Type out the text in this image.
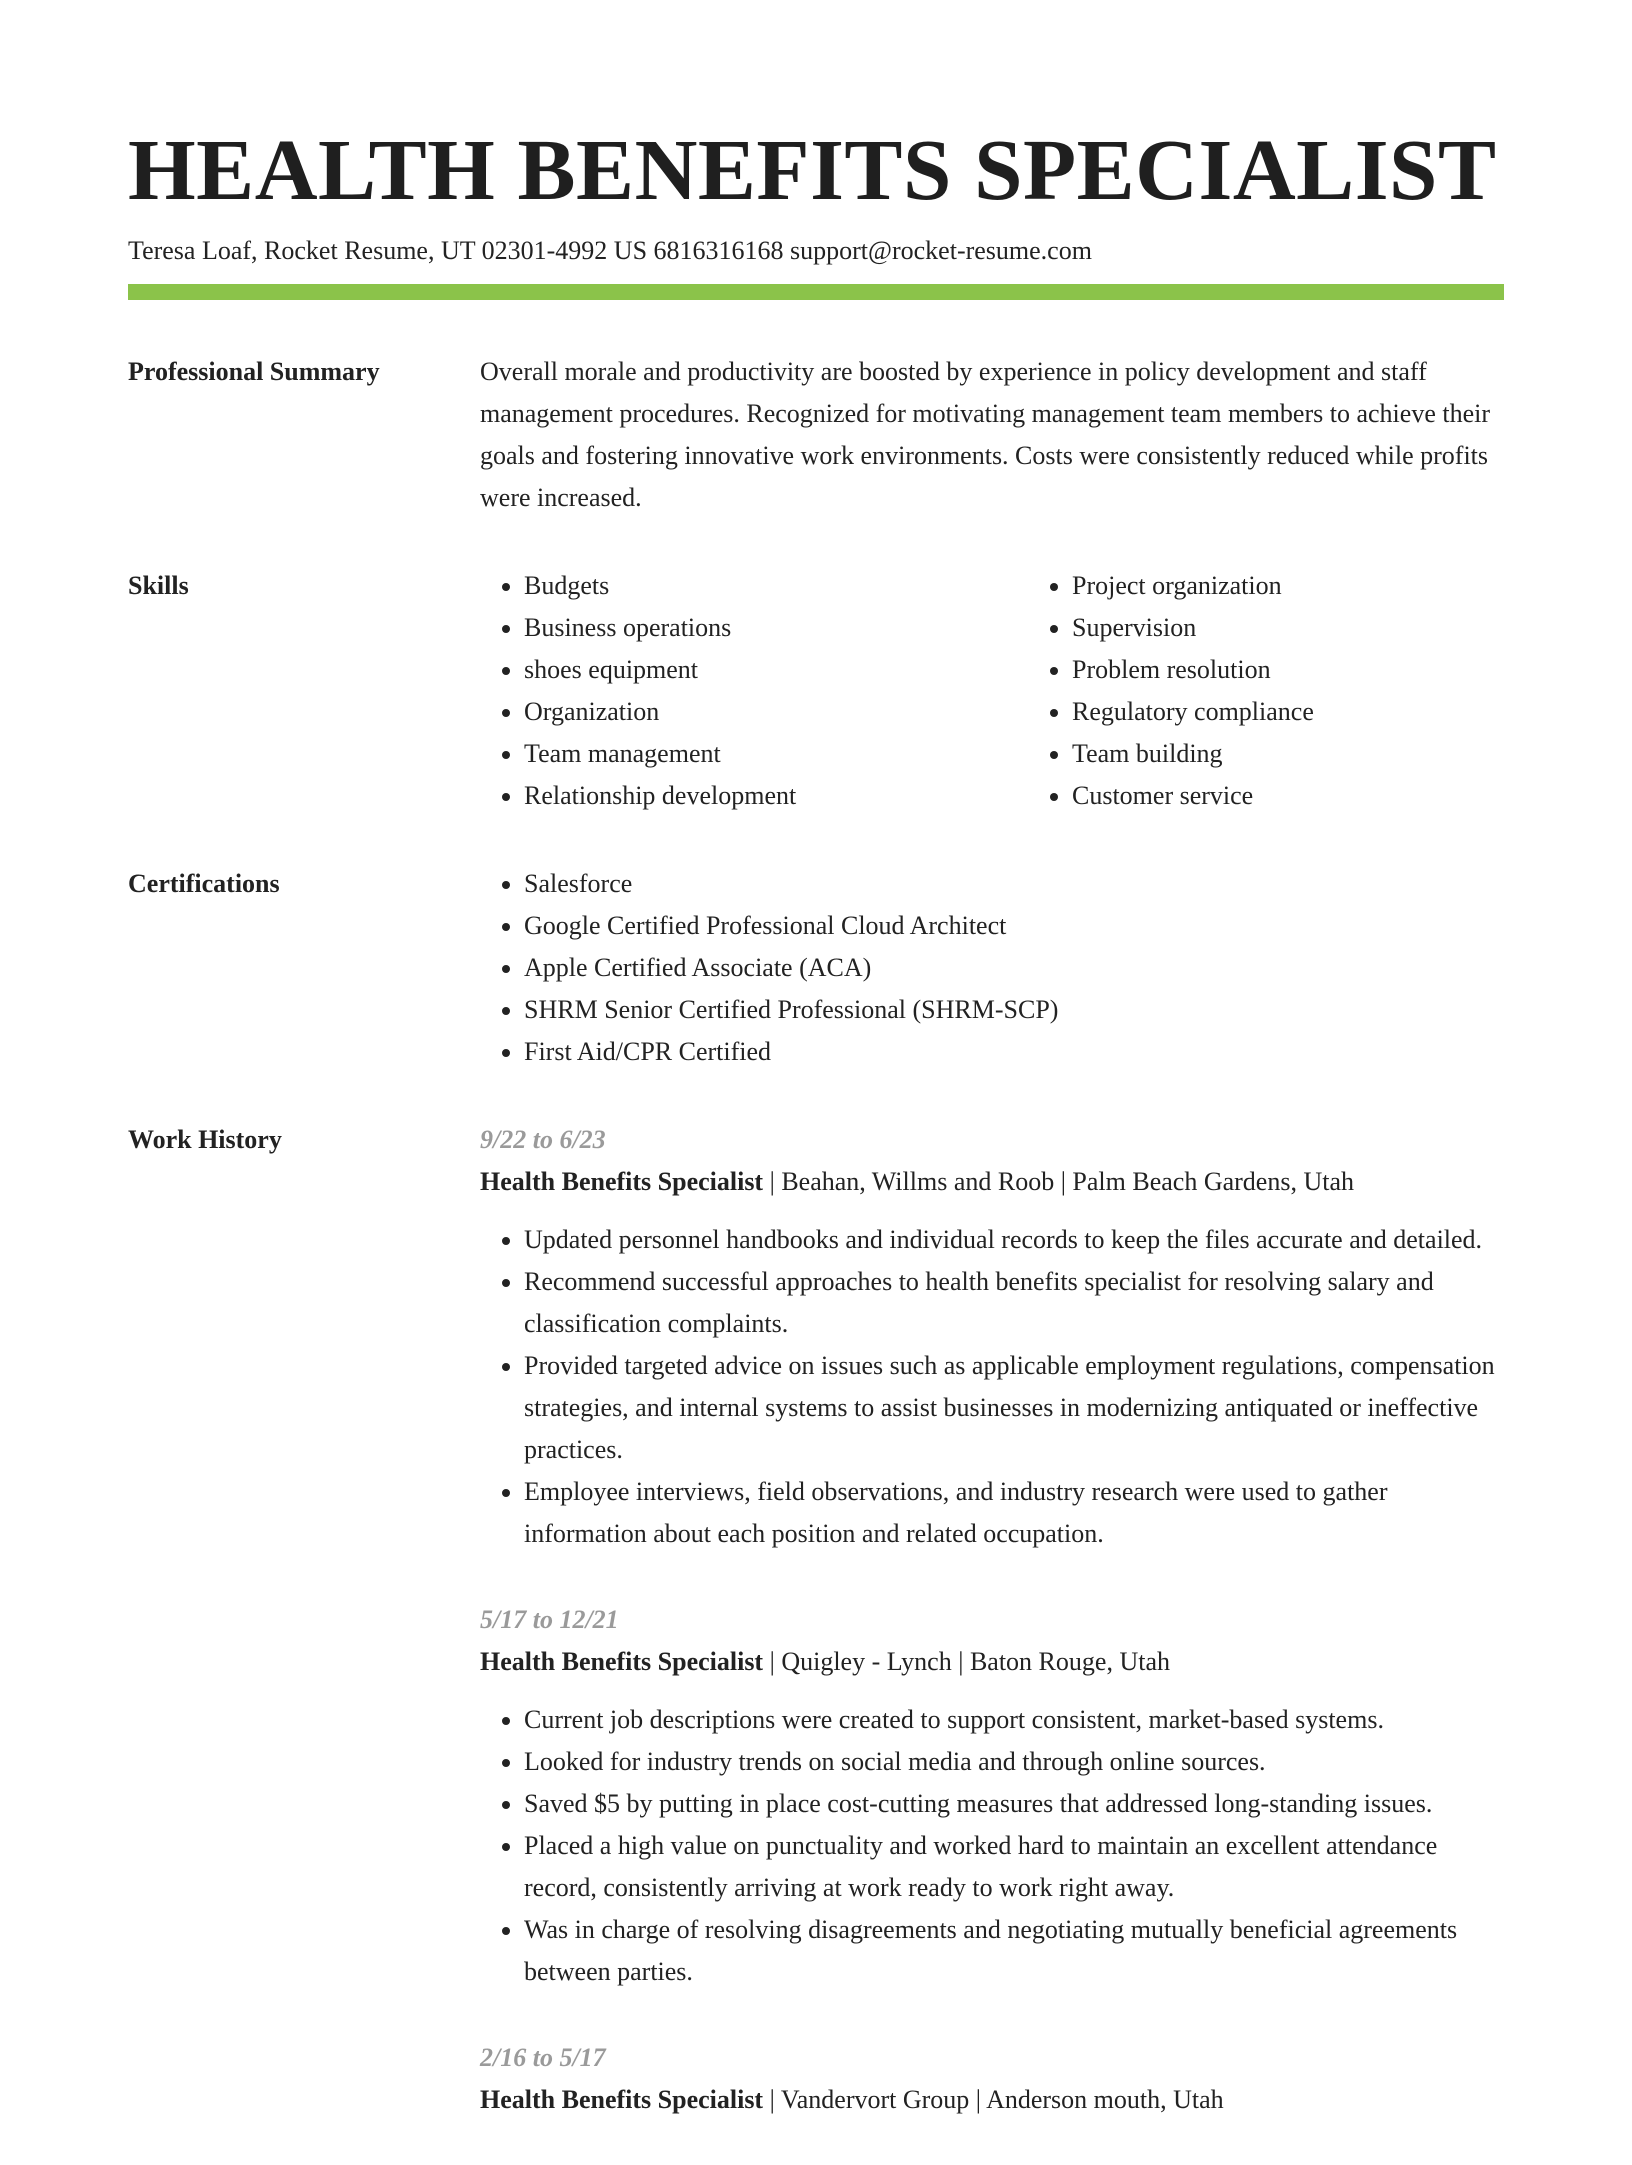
HEALTH BENEFITS SPECIALIST
Teresa Loaf, Rocket Resume, UT 02301-4992 US 6816316168 support@rocket-resume.com
Professional Summary	Overall morale and productivity are boosted by experience in policy development and staff management procedures. Recognized for motivating management team members to achieve their goals and fostering innovative work environments. Costs were consistently reduced while profits were increased.
Skills	• Budgets
• Business operations
• shoes equipment
• Organization
• Team management
• Relationship development
• Project organization
• Supervision
• Problem resolution
• Regulatory compliance
• Team building
• Customer service
Certifications	• Salesforce
• Google Certified Professional Cloud Architect
• Apple Certified Associate (ACA)
• SHRM Senior Certified Professional (SHRM-SCP)
• First Aid/CPR Certified
Work History	9/22 to 6/23
Health Benefits Specialist | Beahan, Willms and Roob | Palm Beach Gardens, Utah
• Updated personnel handbooks and individual records to keep the files accurate and detailed.
• Recommend successful approaches to health benefits specialist for resolving salary and classification complaints.
• Provided targeted advice on issues such as applicable employment regulations, compensation strategies, and internal systems to assist businesses in modernizing antiquated or ineffective practices.
• Employee interviews, field observations, and industry research were used to gather information about each position and related occupation.
5/17 to 12/21
Health Benefits Specialist | Quigley - Lynch | Baton Rouge, Utah
• Current job descriptions were created to support consistent, market-based systems.
• Looked for industry trends on social media and through online sources.
• Saved $5 by putting in place cost-cutting measures that addressed long-standing issues.
• Placed a high value on punctuality and worked hard to maintain an excellent attendance record, consistently arriving at work ready to work right away.
• Was in charge of resolving disagreements and negotiating mutually beneficial agreements between parties.
2/16 to 5/17
Health Benefits Specialist | Vandervort Group | Anderson mouth, Utah
